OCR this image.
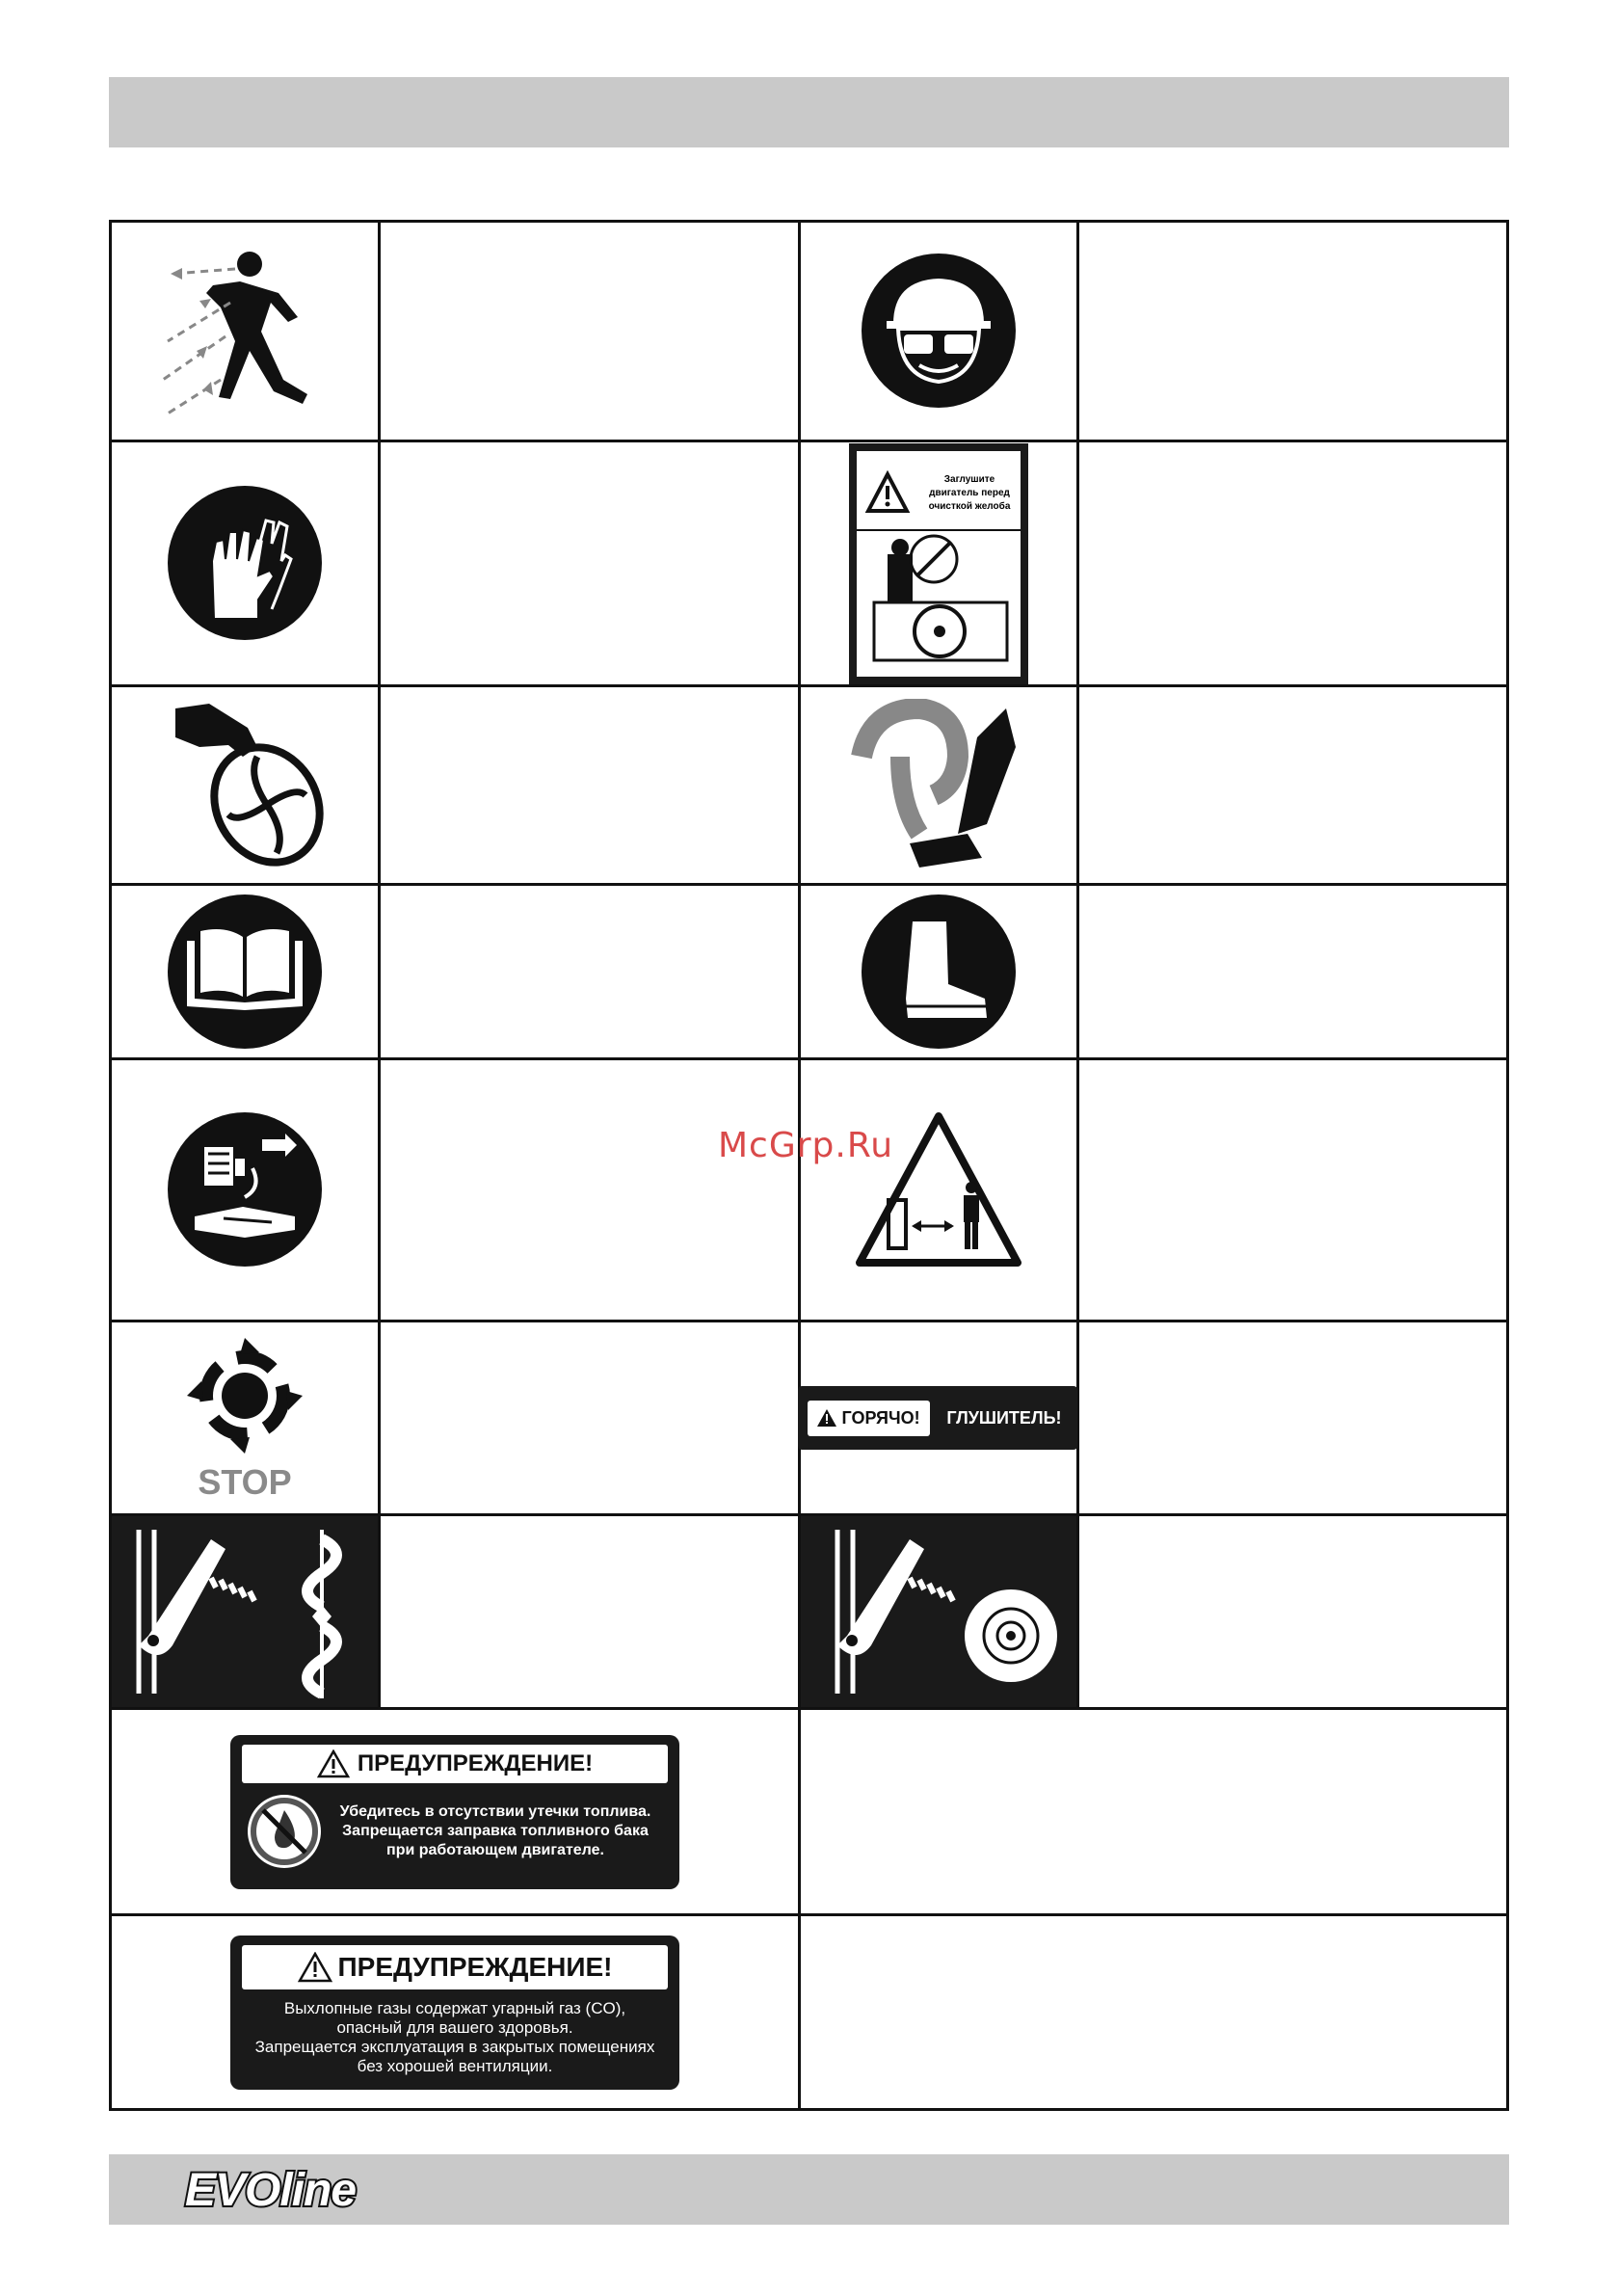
Заглушите
двигатель перед
очисткой желоба
STOP
ГОРЯЧО! ГЛУШИТЕЛЬ!
ПРЕДУПРЕЖДЕНИЕ!
Убедитесь в отсутствии утечки топлива.
Запрещается заправка топливного бака
при работающем двигателе.
ПРЕДУПРЕЖДЕНИЕ!
Выхлопные газы содержат угарный газ (CO),
опасный для вашего здоровья.
Запрещается эксплуатация в закрытых помещениях
без хорошей вентиляции.
McGrp.Ru
EVOline
